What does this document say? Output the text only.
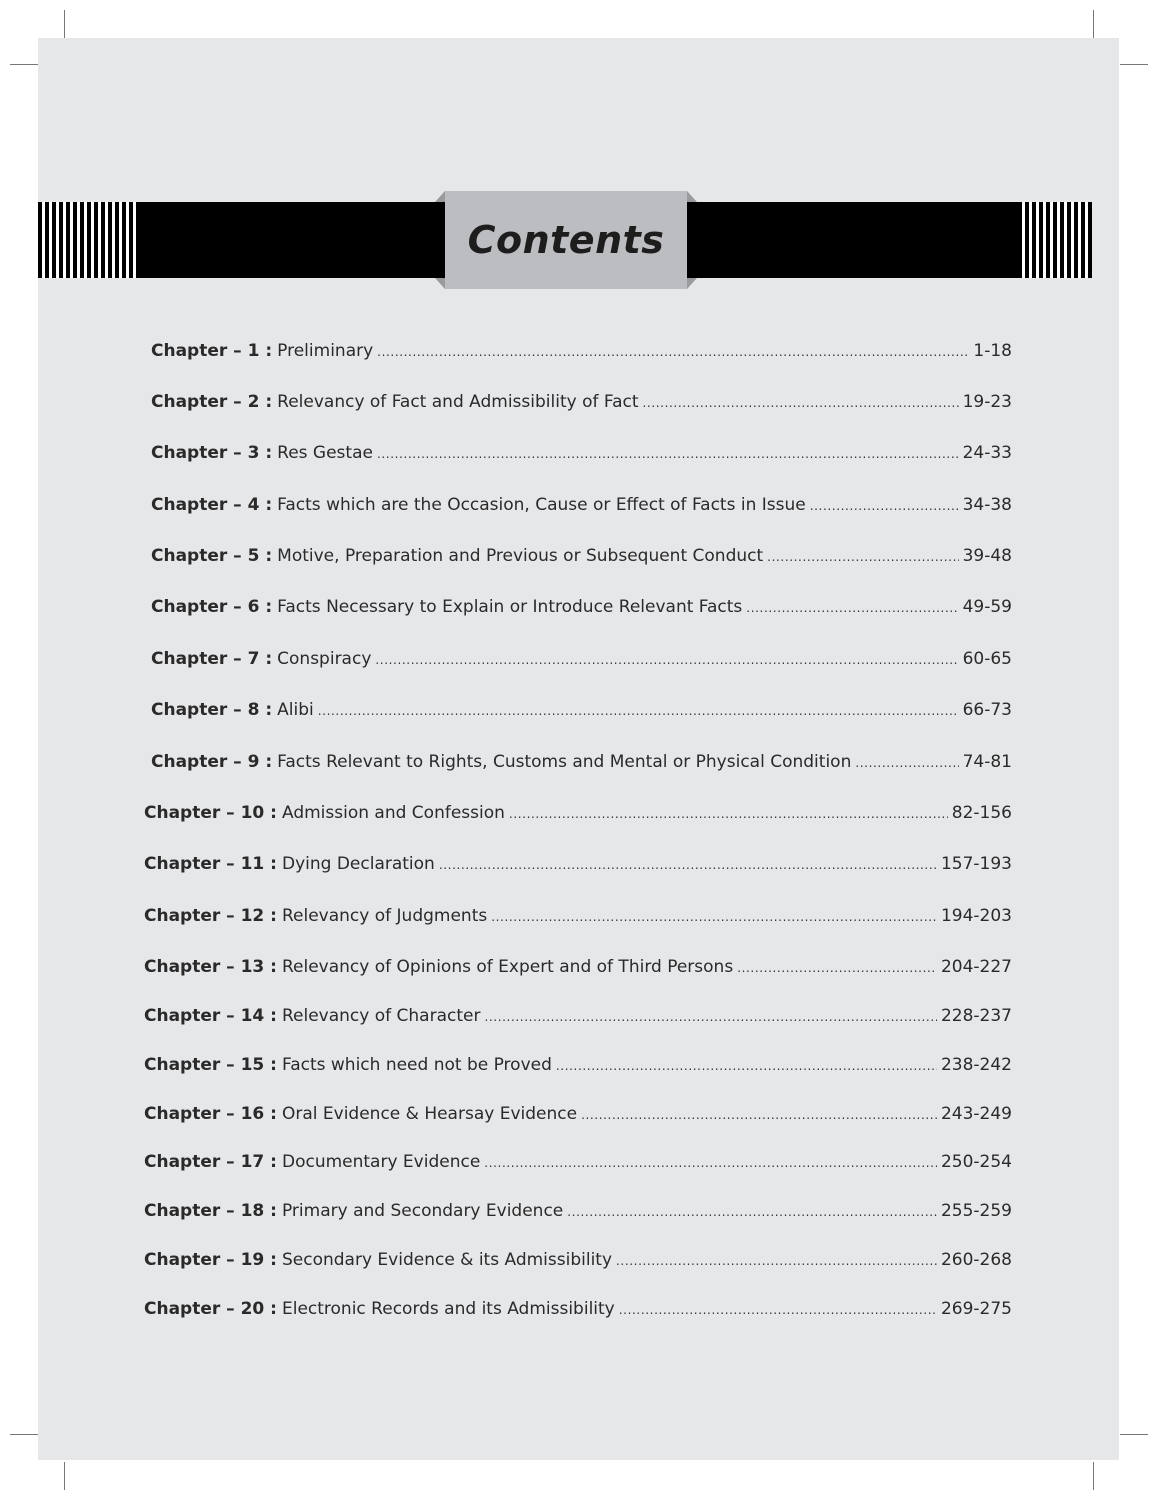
Contents
Chapter – 1 : Preliminary .....	1-18
Chapter – 2 : Relevancy of Fact and Admissibility of Fact .....	19-23
Chapter – 3 : Res Gestae .....	24-33
Chapter – 4 : Facts which are the Occasion, Cause or Effect of Facts in Issue .....	34-38
Chapter – 5 : Motive, Preparation and Previous or Subsequent Conduct .....	39-48
Chapter – 6 : Facts Necessary to Explain or Introduce Relevant Facts .....	49-59
Chapter – 7 : Conspiracy .....	60-65
Chapter – 8 : Alibi .....	66-73
Chapter – 9 : Facts Relevant to Rights, Customs and Mental or Physical Condition .....	74-81
Chapter – 10 : Admission and Confession .....	82-156
Chapter – 11 : Dying Declaration .....	157-193
Chapter – 12 : Relevancy of Judgments .....	194-203
Chapter – 13 : Relevancy of Opinions of Expert and of Third Persons .....	204-227
Chapter – 14 : Relevancy of Character .....	228-237
Chapter – 15 : Facts which need not be Proved .....	238-242
Chapter – 16 : Oral Evidence & Hearsay Evidence .....	243-249
Chapter – 17 : Documentary Evidence .....	250-254
Chapter – 18 : Primary and Secondary Evidence .....	255-259
Chapter – 19 : Secondary Evidence & its Admissibility .....	260-268
Chapter – 20 : Electronic Records and its Admissibility .....	269-275
